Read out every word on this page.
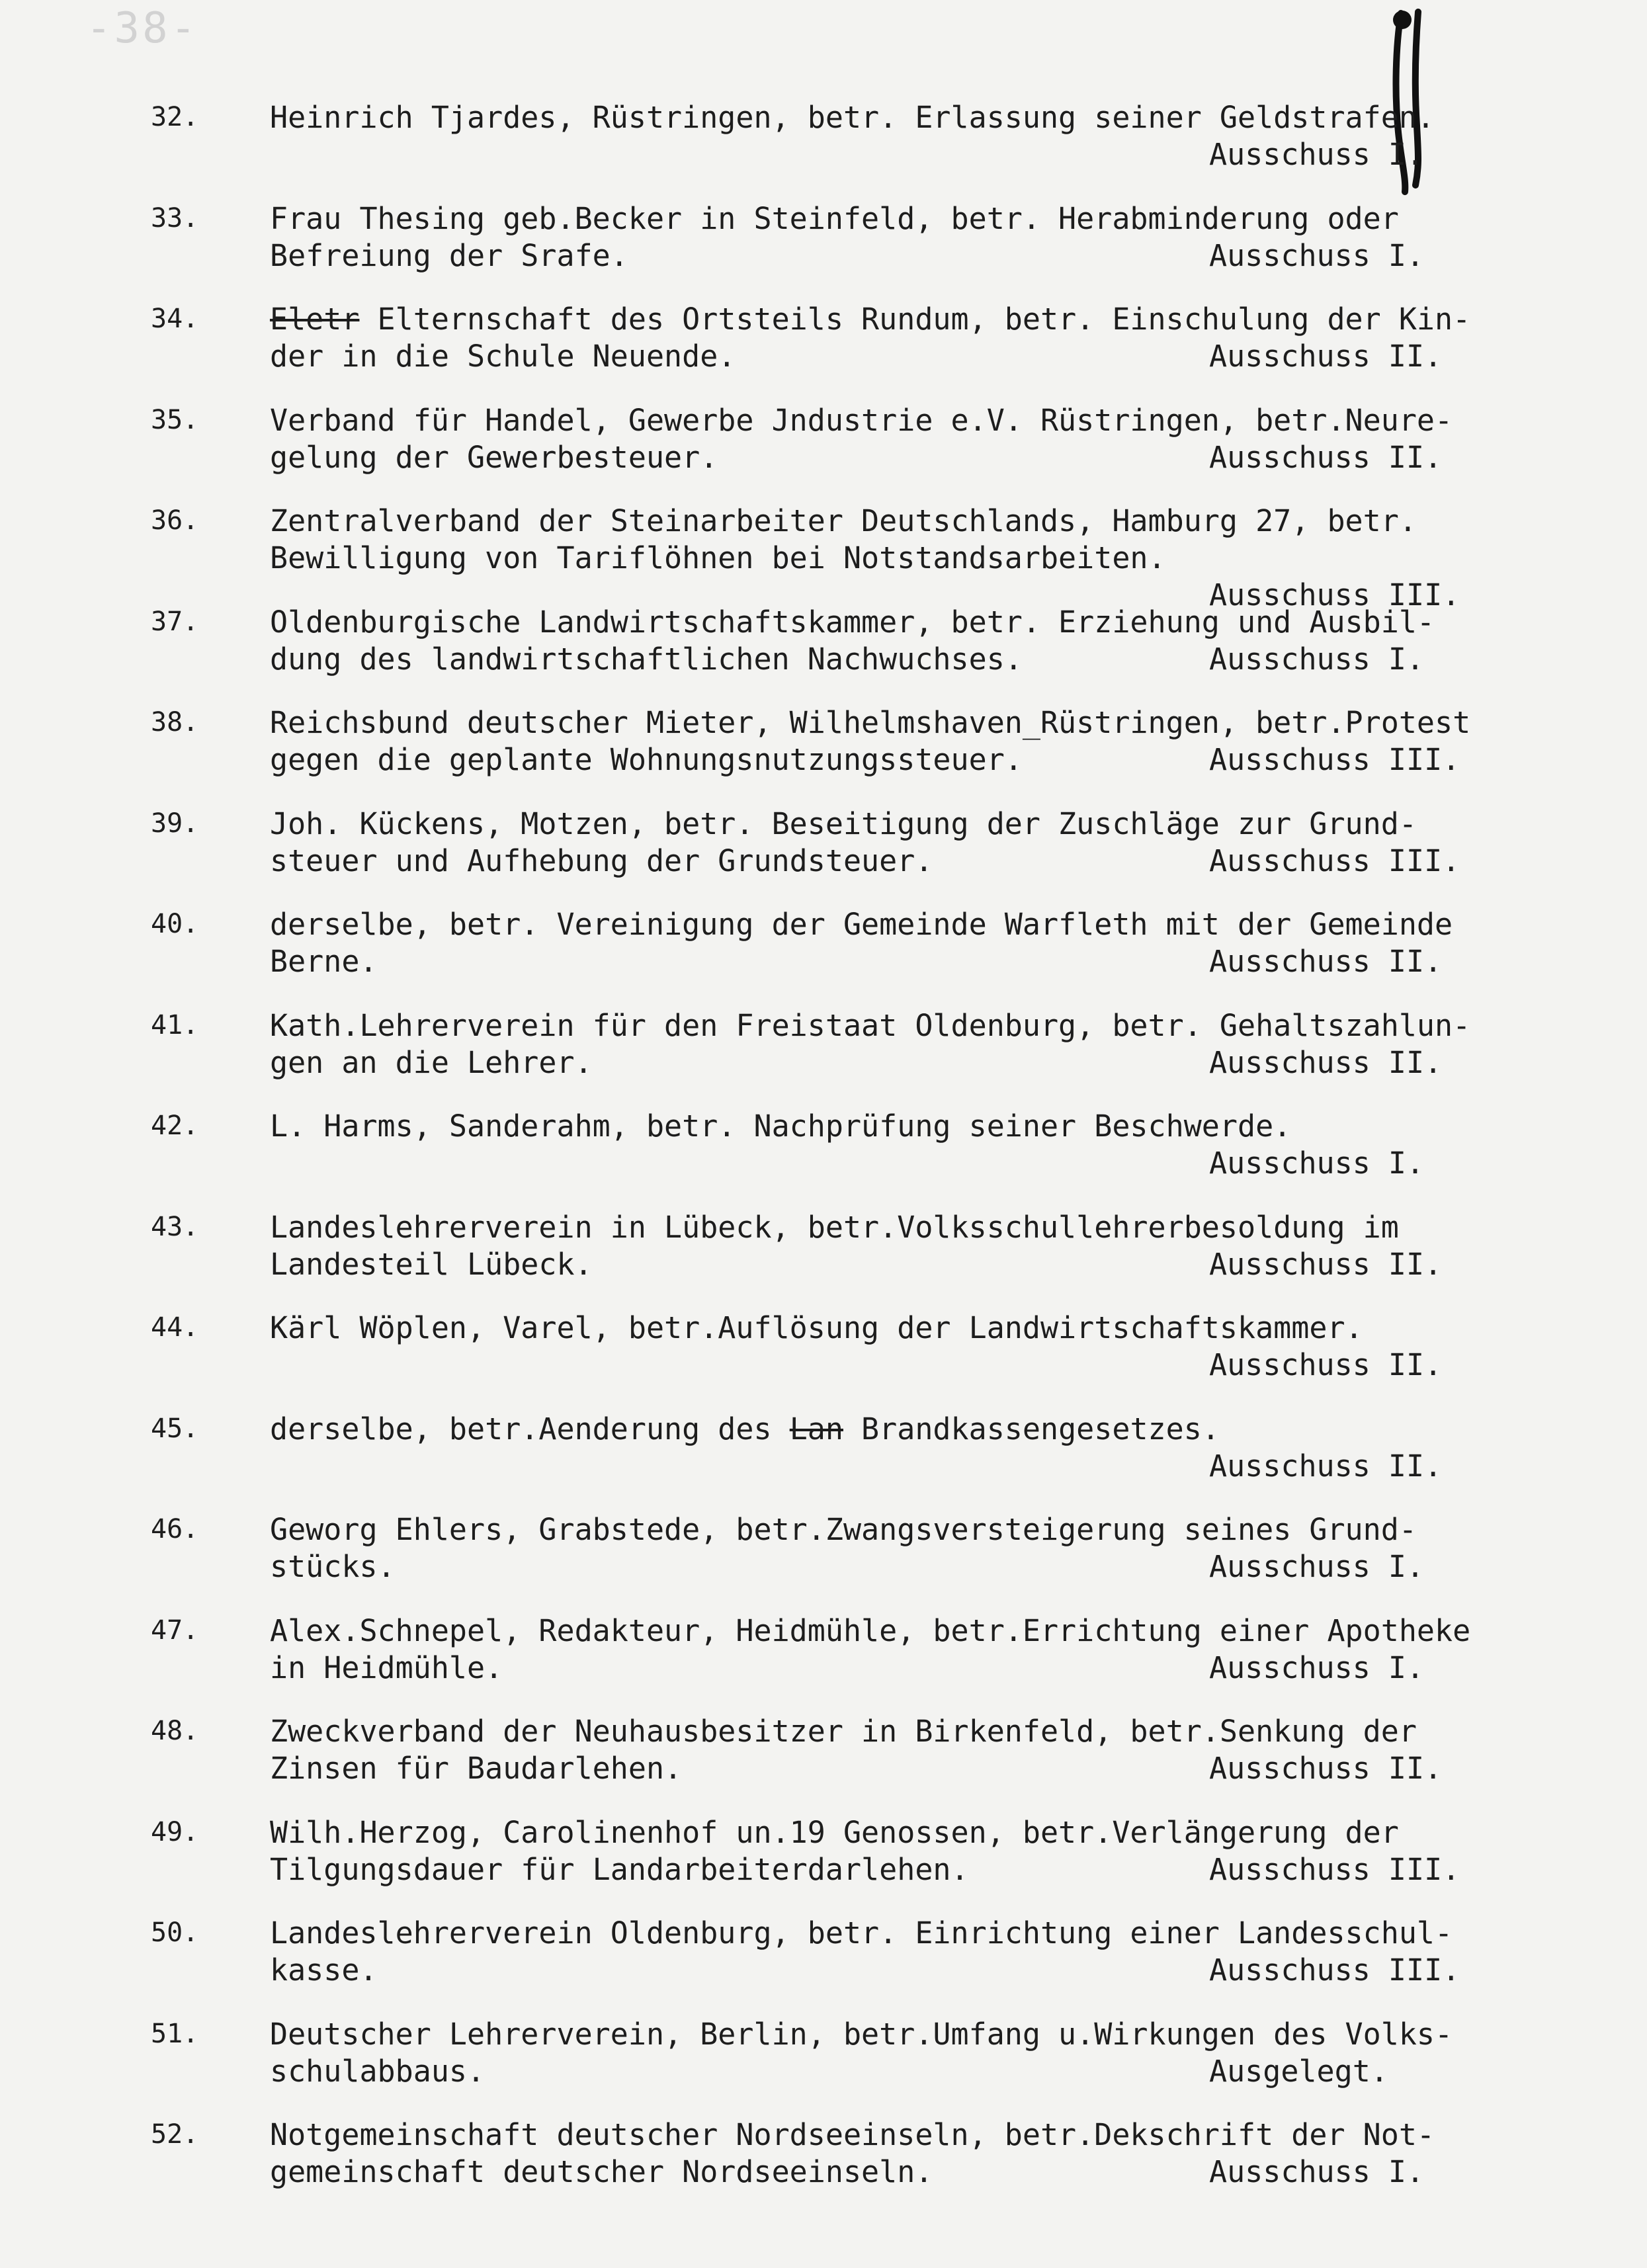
-38-
32. Heinrich Tjardes, Rüstringen, betr. Erlassung seiner Geldstrafen.
Ausschuss I.
33. Frau Thesing geb.Becker in Steinfeld, betr. Herabminderung oder
Befreiung der Srafe.	Ausschuss I.
34. Eletr Elternschaft des Ortsteils Rundum, betr. Einschulung der Kin-
der in die Schule Neuende.	Ausschuss II.
35. Verband für Handel, Gewerbe Jndustrie e.V. Rüstringen, betr.Neure-
gelung der Gewerbesteuer.	Ausschuss II.
36. Zentralverband der Steinarbeiter Deutschlands, Hamburg 27, betr.
Bewilligung von Tariflöhnen bei Notstandsarbeiten.
Ausschuss III.
37. Oldenburgische Landwirtschaftskammer, betr. Erziehung und Ausbil-
dung des landwirtschaftlichen Nachwuchses.	Ausschuss I.
38. Reichsbund deutscher Mieter, Wilhelmshaven_Rüstringen, betr.Protest
gegen die geplante Wohnungsnutzungssteuer.	Ausschuss III.
39. Joh. Kückens, Motzen, betr. Beseitigung der Zuschläge zur Grund-
steuer und Aufhebung der Grundsteuer.	Ausschuss III.
40. derselbe, betr. Vereinigung der Gemeinde Warfleth mit der Gemeinde
Berne.	Ausschuss II.
41. Kath.Lehrerverein für den Freistaat Oldenburg, betr. Gehaltszahlun-
gen an die Lehrer.	Ausschuss II.
42. L. Harms, Sanderahm, betr. Nachprüfung seiner Beschwerde.
Ausschuss I.
43. Landeslehrerverein in Lübeck, betr.Volksschullehrerbesoldung im
Landesteil Lübeck.	Ausschuss II.
44. Kärl Wöplen, Varel, betr.Auflösung der Landwirtschaftskammer.
Ausschuss II.
45. derselbe, betr.Aenderung des Lan Brandkassengesetzes.
Ausschuss II.
46. Geworg Ehlers, Grabstede, betr.Zwangsversteigerung seines Grund-
stücks.	Ausschuss I.
47. Alex.Schnepel, Redakteur, Heidmühle, betr.Errichtung einer Apotheke
in Heidmühle.	Ausschuss I.
48. Zweckverband der Neuhausbesitzer in Birkenfeld, betr.Senkung der
Zinsen für Baudarlehen.	Ausschuss II.
49. Wilh.Herzog, Carolinenhof un.19 Genossen, betr.Verlängerung der
Tilgungsdauer für Landarbeiterdarlehen.	Ausschuss III.
50. Landeslehrerverein Oldenburg, betr. Einrichtung einer Landesschul-
kasse.	Ausschuss III.
51. Deutscher Lehrerverein, Berlin, betr.Umfang u.Wirkungen des Volks-
schulabbaus.	Ausgelegt.
52. Notgemeinschaft deutscher Nordseeinseln, betr.Dekschrift der Not-
gemeinschaft deutscher Nordseeinseln.	Ausschuss I.
